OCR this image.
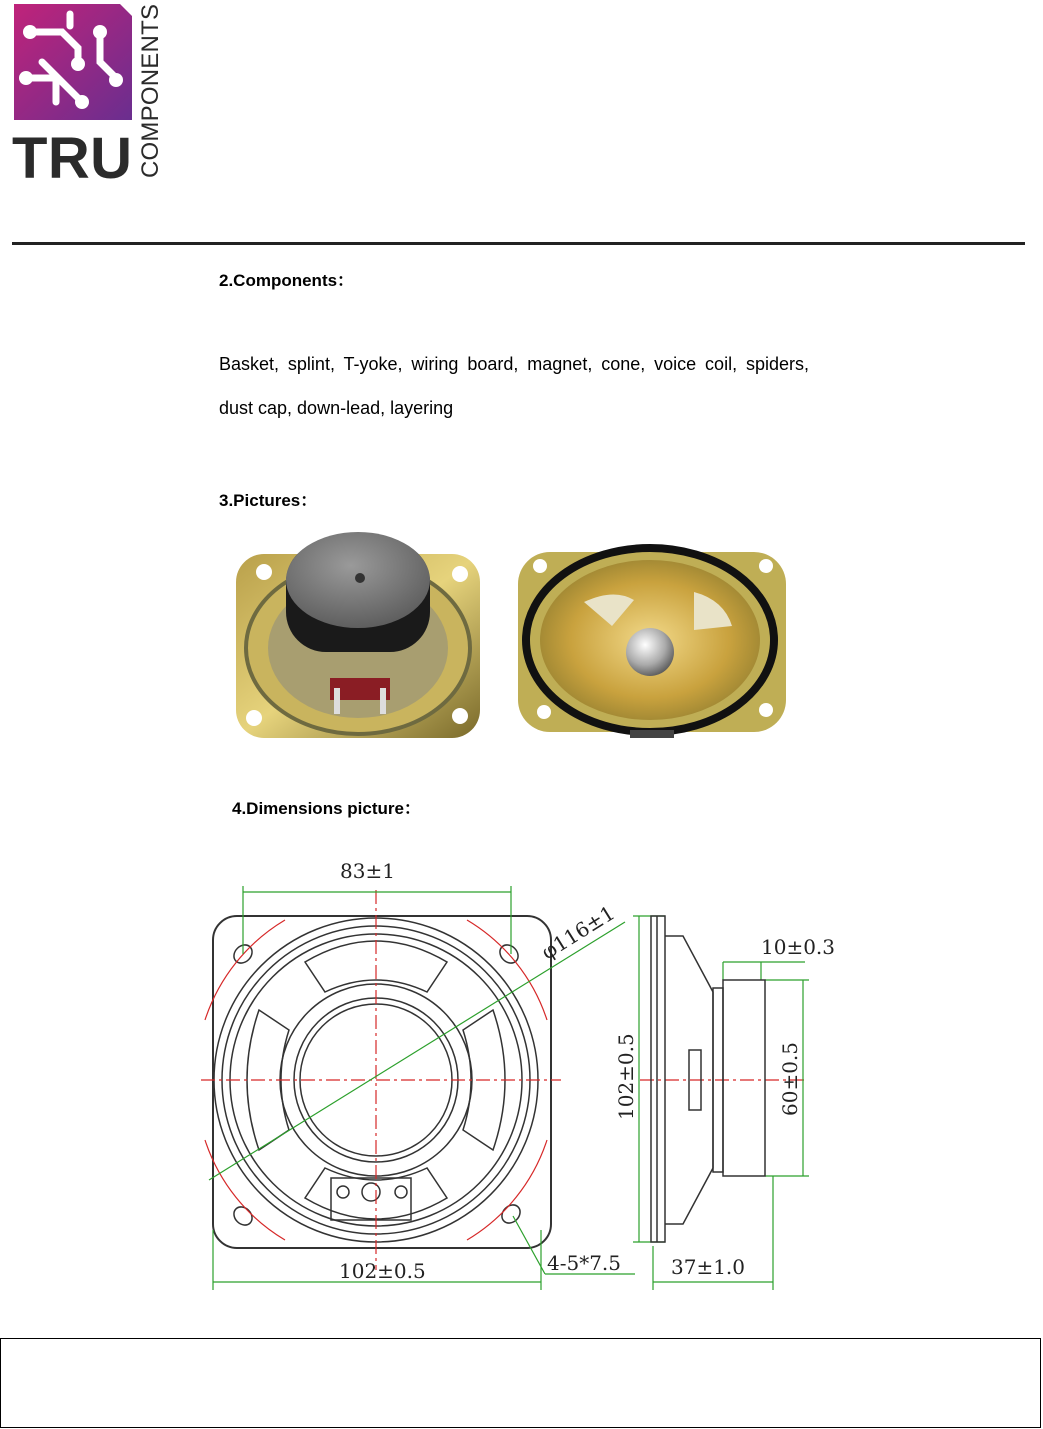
TRU COMPONENTS
2.Components：
Basket, splint, T-yoke, wiring board, magnet, cone, voice coil, spiders, dust cap, down-lead, layering
3.Pictures：
4.Dimensions picture：
83±1
φ116±1	10±0.3
102±0.5	60±0.5
102±0.5	4-5*7.5 37±1.0
